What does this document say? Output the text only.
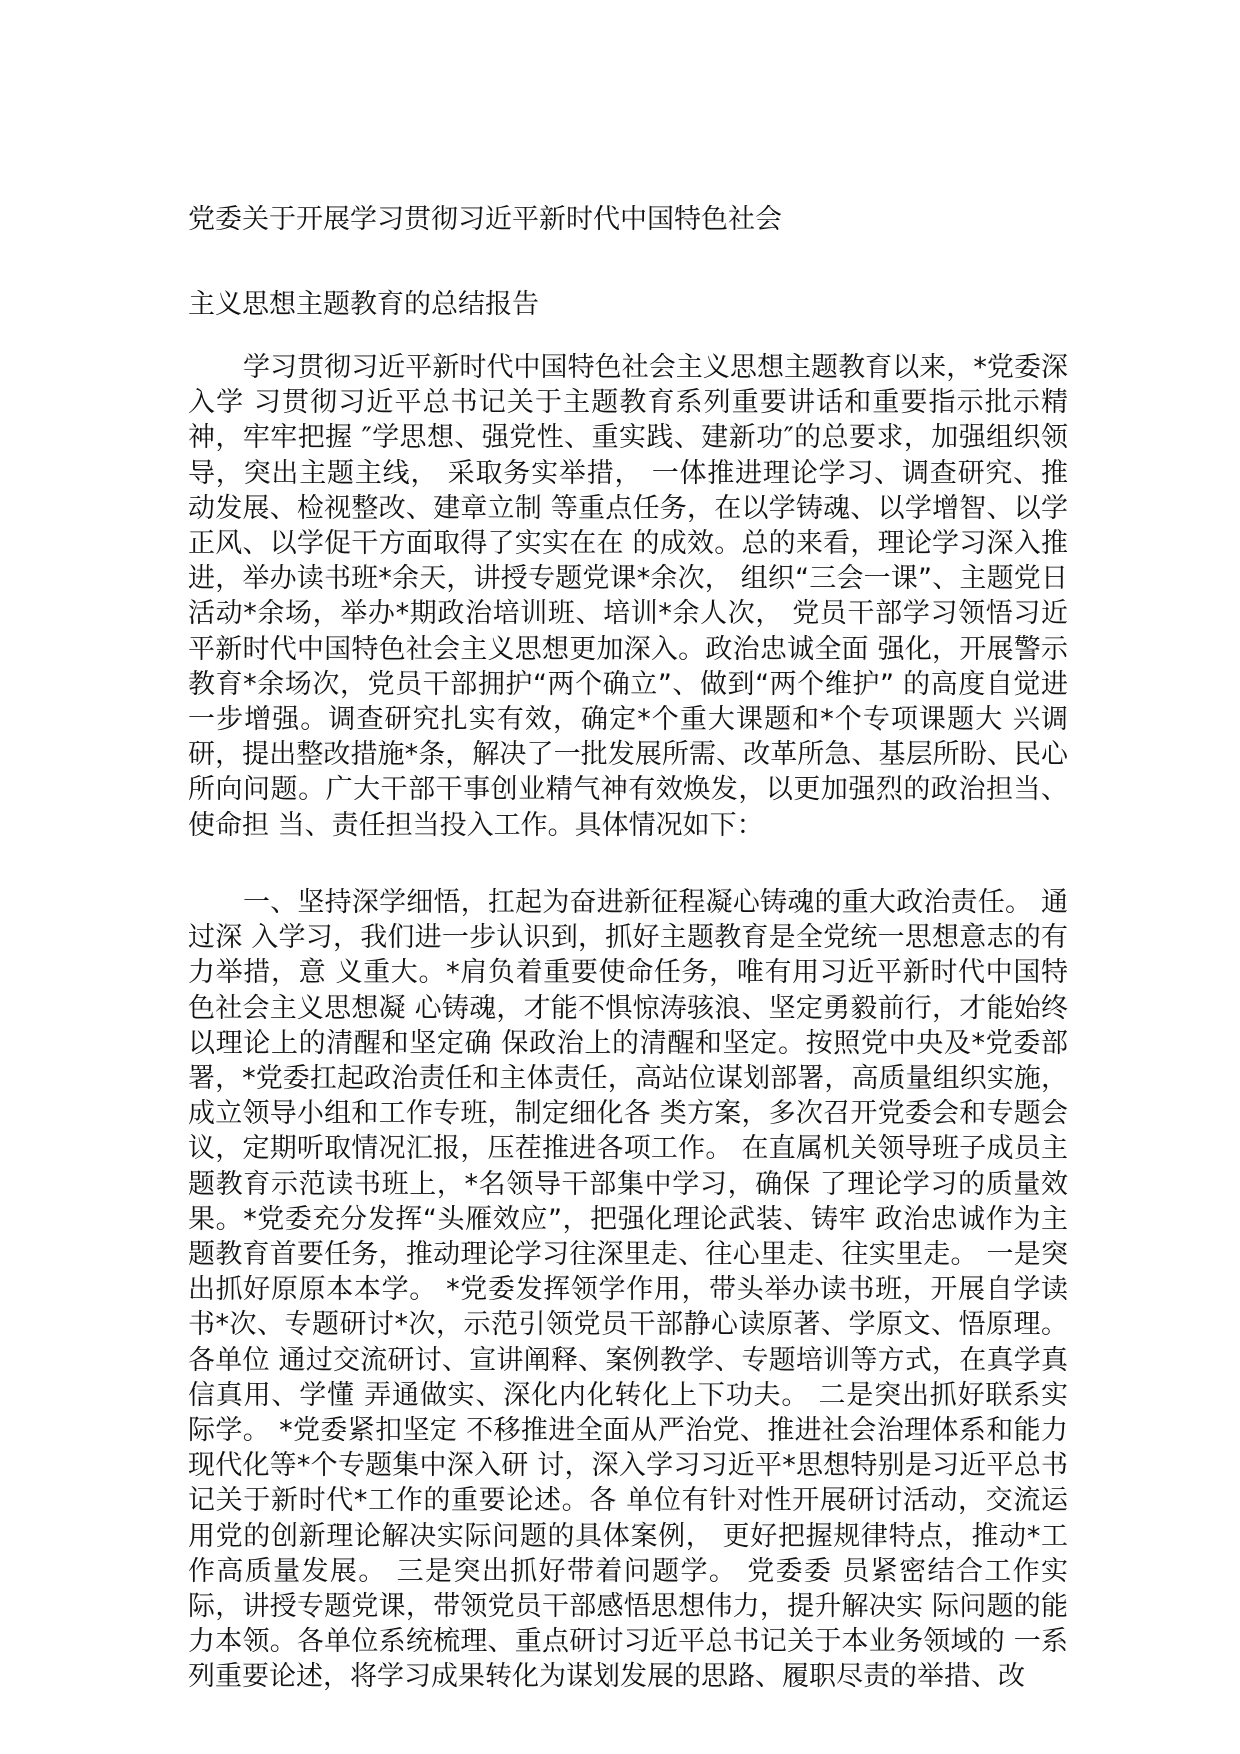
党委关于开展学习贯彻习近平新时代中国特色社会
主义思想主题教育的总结报告

学习贯彻习近平新时代中国特色社会主义思想主题教育以来，*党委深入学 习贯彻习近平总书记关于主题教育系列重要讲话和重要指示批示精神，牢牢把握 ″学思想、强党性、重实践、建新功″的总要求，加强组织领导，突出主题主线， 采取务实举措， 一体推进理论学习、调查研究、推动发展、检视整改、建章立制 等重点任务，在以学铸魂、以学增智、以学正风、以学促干方面取得了实实在在 的成效。总的来看，理论学习深入推进，举办读书班*余天，讲授专题党课*余次， 组织“三会一课”、主题党日活动*余场，举办*期政治培训班、培训*余人次， 党员干部学习领悟习近平新时代中国特色社会主义思想更加深入。政治忠诚全面 强化，开展警示教育*余场次，党员干部拥护“两个确立”、做到“两个维护” 的高度自觉进一步增强。调查研究扎实有效，确定*个重大课题和*个专项课题大 兴调研，提出整改措施*条，解决了一批发展所需、改革所急、基层所盼、民心 所向问题。广大干部干事创业精气神有效焕发，以更加强烈的政治担当、使命担 当、责任担当投入工作。具体情况如下：

一、坚持深学细悟，扛起为奋进新征程凝心铸魂的重大政治责任。 通过深 入学习，我们进一步认识到，抓好主题教育是全党统一思想意志的有力举措，意 义重大。*肩负着重要使命任务，唯有用习近平新时代中国特色社会主义思想凝 心铸魂，才能不惧惊涛骇浪、坚定勇毅前行，才能始终以理论上的清醒和坚定确 保政治上的清醒和坚定。按照党中央及*党委部署，*党委扛起政治责任和主体责任，高站位谋划部署，高质量组织实施，成立领导小组和工作专班，制定细化各 类方案，多次召开党委会和专题会议，定期听取情况汇报，压茬推进各项工作。 在直属机关领导班子成员主题教育示范读书班上，*名领导干部集中学习，确保 了理论学习的质量效果。*党委充分发挥“头雁效应”，把强化理论武装、铸牢 政治忠诚作为主题教育首要任务，推动理论学习往深里走、往心里走、往实里走。 一是突出抓好原原本本学。 *党委发挥领学作用，带头举办读书班，开展自学读 书*次、专题研讨*次，示范引领党员干部静心读原著、学原文、悟原理。各单位 通过交流研讨、宣讲阐释、案例教学、专题培训等方式，在真学真信真用、学懂 弄通做实、深化内化转化上下功夫。 二是突出抓好联系实际学。 *党委紧扣坚定 不移推进全面从严治党、推进社会治理体系和能力现代化等*个专题集中深入研 讨，深入学习习近平*思想特别是习近平总书记关于新时代*工作的重要论述。各 单位有针对性开展研讨活动，交流运用党的创新理论解决实际问题的具体案例， 更好把握规律特点，推动*工作高质量发展。 三是突出抓好带着问题学。 党委委 员紧密结合工作实际，讲授专题党课，带领党员干部感悟思想伟力，提升解决实 际问题的能力本领。各单位系统梳理、重点研讨习近平总书记关于本业务领域的 一系列重要论述，将学习成果转化为谋划发展的思路、履职尽责的举措、改
